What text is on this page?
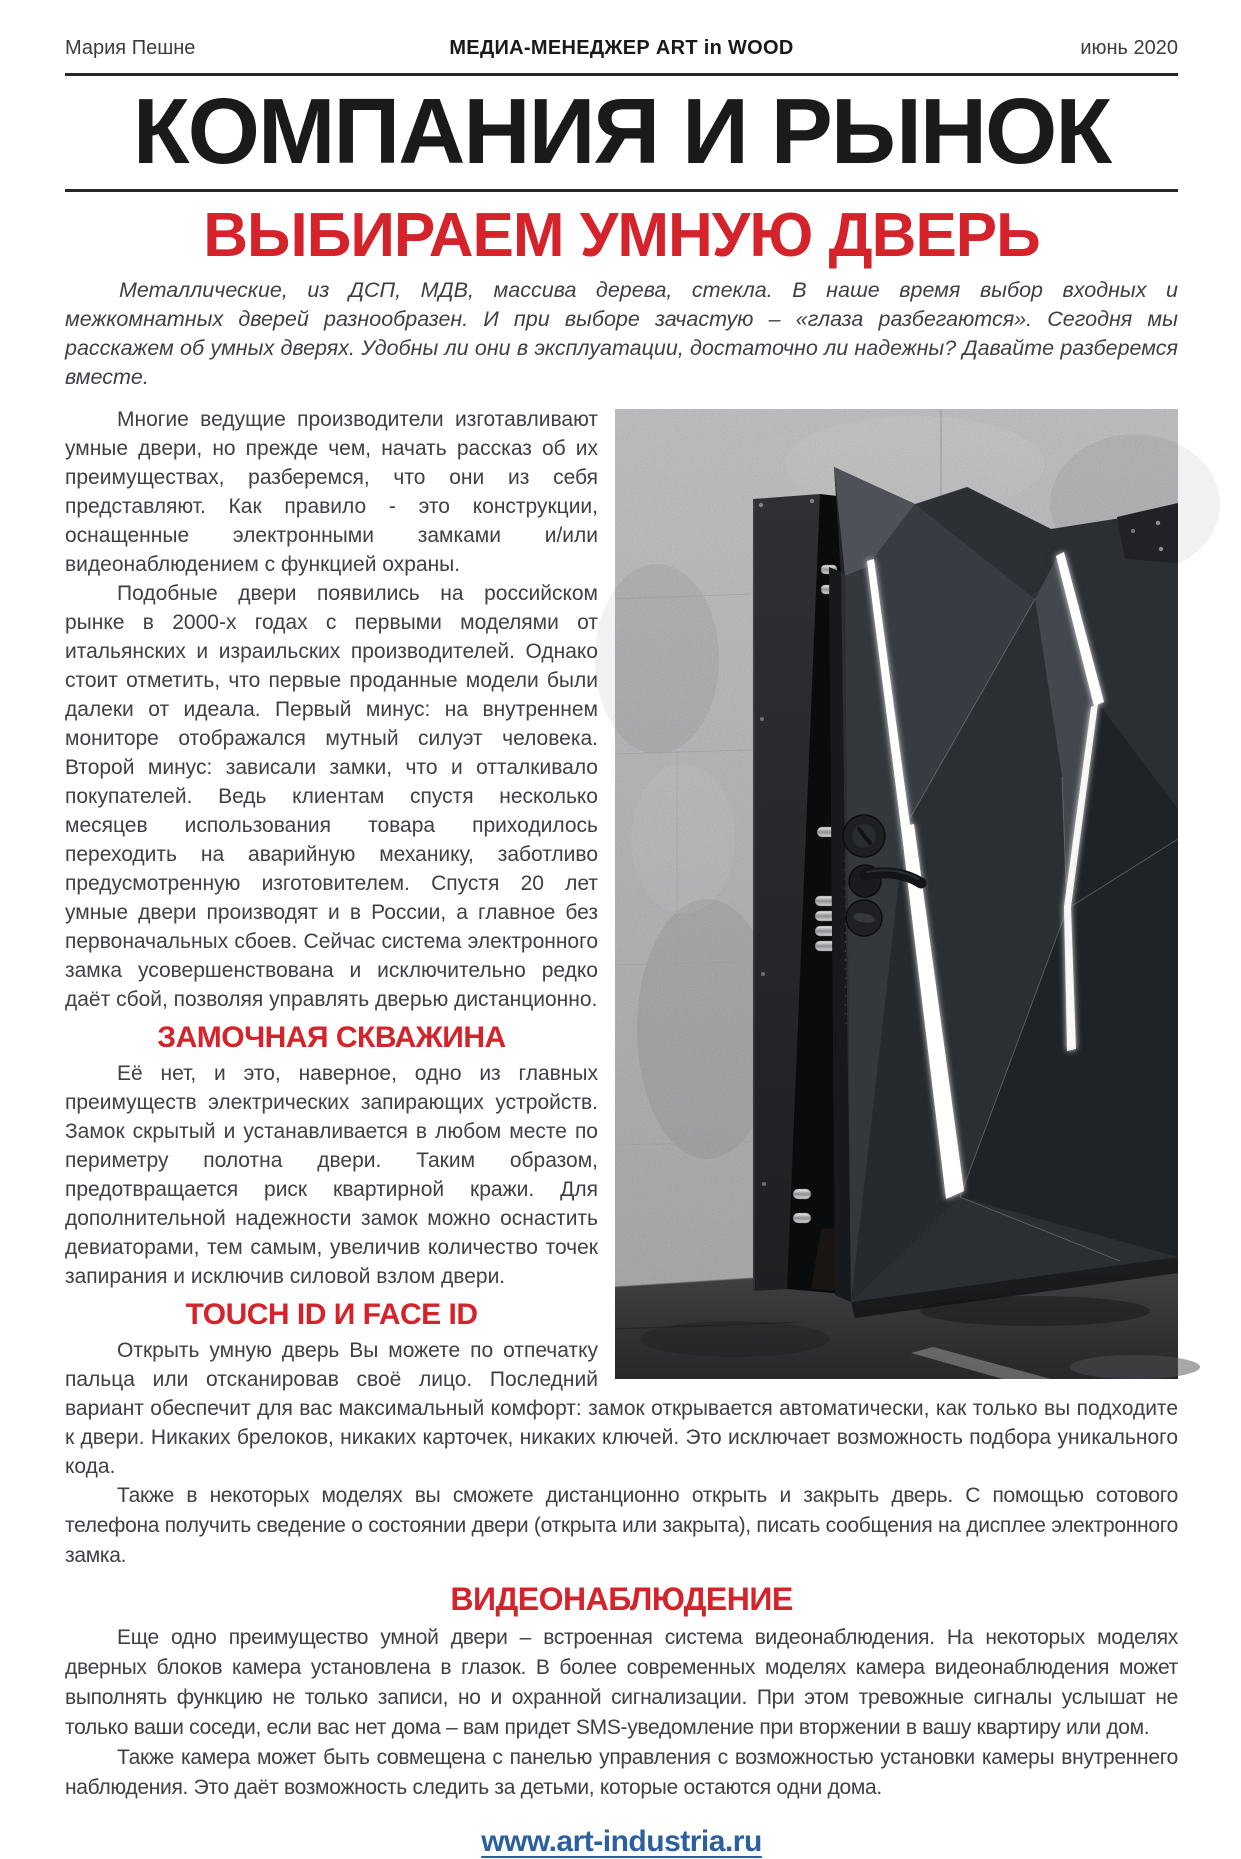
Мария Пешне	МЕДИА-МЕНЕДЖЕР ART in WOOD	июнь 2020
КОМПАНИЯ И РЫНОК
ВЫБИРАЕМ УМНУЮ ДВЕРЬ

Металлические, из ДСП, МДВ, массива дерева, стекла. В наше время выбор входных и межкомнатных дверей разнообразен. И при выборе зачастую – «глаза разбегаются». Сегодня мы расскажем об умных дверях. Удобны ли они в эксплуатации, достаточно ли надежны? Давайте разберемся вместе.

Многие ведущие производители изготавливают умные двери, но прежде чем, начать рассказ об их преимуществах, разберемся, что они из себя представляют. Как правило - это конструкции, оснащенные электронными замками и/или видеонаблюдением с функцией охраны.

Подобные двери появились на российском рынке в 2000-х годах с первыми моделями от итальянских и израильских производителей. Однако стоит отметить, что первые проданные модели были далеки от идеала. Первый минус: на внутреннем мониторе отображался мутный силуэт человека. Второй минус: зависали замки, что и отталкивало покупателей. Ведь клиентам спустя несколько месяцев использования товара приходилось переходить на аварийную механику, заботливо предусмотренную изготовителем. Спустя 20 лет умные двери производят и в России, а главное без первоначальных сбоев. Сейчас система электронного замка усовершенствована и исключительно редко даёт сбой, позволяя управлять дверью дистанционно.

ЗАМОЧНАЯ СКВАЖИНА

Её нет, и это, наверное, одно из главных преимуществ электрических запирающих устройств. Замок скрытый и устанавливается в любом месте по периметру полотна двери. Таким образом, предотвращается риск квартирной кражи. Для дополнительной надежности замок можно оснастить девиаторами, тем самым, увеличив количество точек запирания и исключив силовой взлом двери.

TOUCH ID И FACE ID

Открыть умную дверь Вы можете по отпечатку пальца или отсканировав своё лицо. Последний вариант обеспечит для вас максимальный комфорт: замок открывается автоматически, как только вы подходите к двери. Никаких брелоков, никаких карточек, никаких ключей. Это исключает возможность подбора уникального кода.

Также в некоторых моделях вы сможете дистанционно открыть и закрыть дверь. С помощью сотового телефона получить сведение о состоянии двери (открыта или закрыта), писать сообщения на дисплее электронного замка.

ВИДЕОНАБЛЮДЕНИЕ

Еще одно преимущество умной двери – встроенная система видеонаблюдения. На некоторых моделях дверных блоков камера установлена в глазок. В более современных моделях камера видеонаблюдения может выполнять функцию не только записи, но и охранной сигнализации. При этом тревожные сигналы услышат не только ваши соседи, если вас нет дома – вам придет SMS-уведомление при вторжении в вашу квартиру или дом.

Также камера может быть совмещена с панелью управления с возможностью установки камеры внутреннего наблюдения. Это даёт возможность следить за детьми, которые остаются одни дома.

www.art-industria.ru
